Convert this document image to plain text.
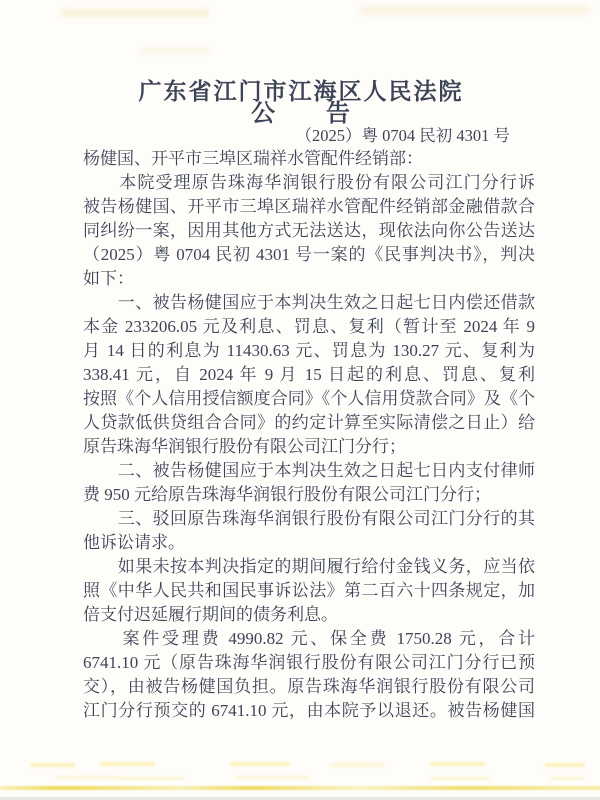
广东省江门市江海区人民法院
公　　告
（2025）粤 0704 民初 4301 号
杨健国、开平市三埠区瑞祥水管配件经销部：
　　本院受理原告珠海华润银行股份有限公司江门分行诉
被告杨健国、开平市三埠区瑞祥水管配件经销部金融借款合
同纠纷一案，因用其他方式无法送达，现依法向你公告送达
（2025）粤 0704 民初 4301 号一案的《民事判决书》，判决
如下：
　　一、被告杨健国应于本判决生效之日起七日内偿还借款
本金 233206.05 元及利息、罚息、复利（暂计至 2024 年 9
月 14 日的利息为 11430.63 元、罚息为 130.27 元、复利为
338.41 元，自 2024 年 9 月 15 日起的利息、罚息、复利
按照《个人信用授信额度合同》《个人信用贷款合同》及《个
人贷款低供贷组合合同》的约定计算至实际清偿之日止）给
原告珠海华润银行股份有限公司江门分行；
　　二、被告杨健国应于本判决生效之日起七日内支付律师
费 950 元给原告珠海华润银行股份有限公司江门分行；
　　三、驳回原告珠海华润银行股份有限公司江门分行的其
他诉讼请求。
　　如果未按本判决指定的期间履行给付金钱义务，应当依
照《中华人民共和国民事诉讼法》第二百六十四条规定，加
倍支付迟延履行期间的债务利息。
　　案件受理费 4990.82 元、保全费 1750.28 元，合计
6741.10 元（原告珠海华润银行股份有限公司江门分行已预
交），由被告杨健国负担。原告珠海华润银行股份有限公司
江门分行预交的 6741.10 元，由本院予以退还。被告杨健国
